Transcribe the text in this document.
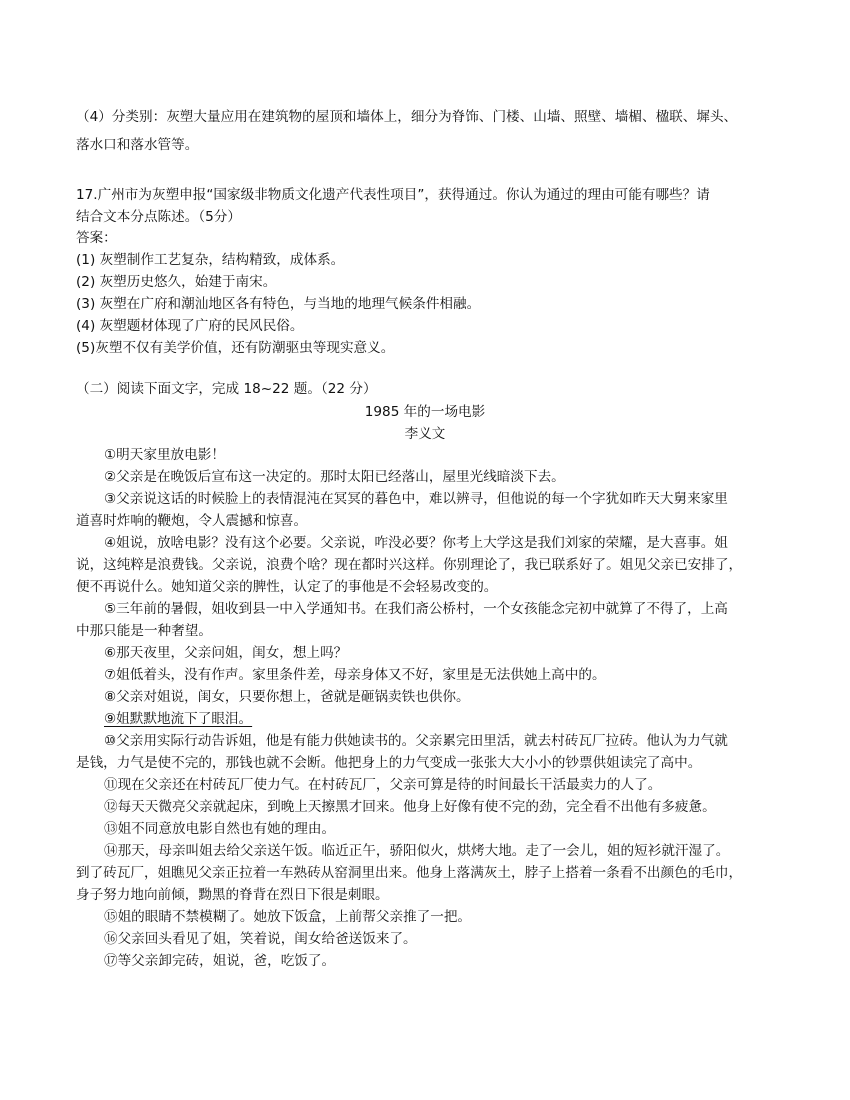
（4）分类别：灰塑大量应用在建筑物的屋顶和墙体上，细分为脊饰、门楼、山墙、照壁、墙楣、楹联、墀头、
落水口和落水管等。
17.广州市为灰塑申报“国家级非物质文化遗产代表性项目”，获得通过。你认为通过的理由可能有哪些？请
结合文本分点陈述。（5分）
答案：
(1) 灰塑制作工艺复杂，结构精致，成体系。
(2) 灰塑历史悠久，始建于南宋。
(3) 灰塑在广府和潮汕地区各有特色，与当地的地理气候条件相融。
(4) 灰塑题材体现了广府的民风民俗。
(5)灰塑不仅有美学价值，还有防潮驱虫等现实意义。
（二）阅读下面文字，完成 18~22 题。（22 分）
1985 年的一场电影
李义文
①明天家里放电影！
②父亲是在晚饭后宣布这一决定的。那时太阳已经落山，屋里光线暗淡下去。
③父亲说这话的时候脸上的表情混沌在冥冥的暮色中，难以辨寻，但他说的每一个字犹如昨天大舅来家里
道喜时炸响的鞭炮，令人震撼和惊喜。
④姐说，放啥电影？没有这个必要。父亲说，咋没必要？你考上大学这是我们刘家的荣耀，是大喜事。姐
说，这纯粹是浪费钱。父亲说，浪费个啥？现在都时兴这样。你别理论了，我已联系好了。姐见父亲已安排了，
便不再说什么。她知道父亲的脾性，认定了的事他是不会轻易改变的。
⑤三年前的暑假，姐收到县一中入学通知书。在我们斋公桥村，一个女孩能念完初中就算了不得了，上高
中那只能是一种奢望。
⑥那天夜里，父亲问姐，闺女，想上吗？
⑦姐低着头，没有作声。家里条件差，母亲身体又不好，家里是无法供她上高中的。
⑧父亲对姐说，闺女，只要你想上，爸就是砸锅卖铁也供你。
⑨姐默默地流下了眼泪。
⑩父亲用实际行动告诉姐，他是有能力供她读书的。父亲累完田里活，就去村砖瓦厂拉砖。他认为力气就
是钱，力气是使不完的，那钱也就不会断。他把身上的力气变成一张张大大小小的钞票供姐读完了高中。
⑪现在父亲还在村砖瓦厂使力气。在村砖瓦厂，父亲可算是待的时间最长干活最卖力的人了。
⑫每天天微亮父亲就起床，到晚上天擦黑才回来。他身上好像有使不完的劲，完全看不出他有多疲惫。
⑬姐不同意放电影自然也有她的理由。
⑭那天，母亲叫姐去给父亲送午饭。临近正午，骄阳似火，烘烤大地。走了一会儿，姐的短衫就汗湿了。
到了砖瓦厂，姐瞧见父亲正拉着一车熟砖从窑洞里出来。他身上落满灰土，脖子上搭着一条看不出颜色的毛巾，
身子努力地向前倾，黝黑的脊背在烈日下很是刺眼。
⑮姐的眼睛不禁模糊了。她放下饭盒，上前帮父亲推了一把。
⑯父亲回头看见了姐，笑着说，闺女给爸送饭来了。
⑰等父亲卸完砖，姐说，爸，吃饭了。
